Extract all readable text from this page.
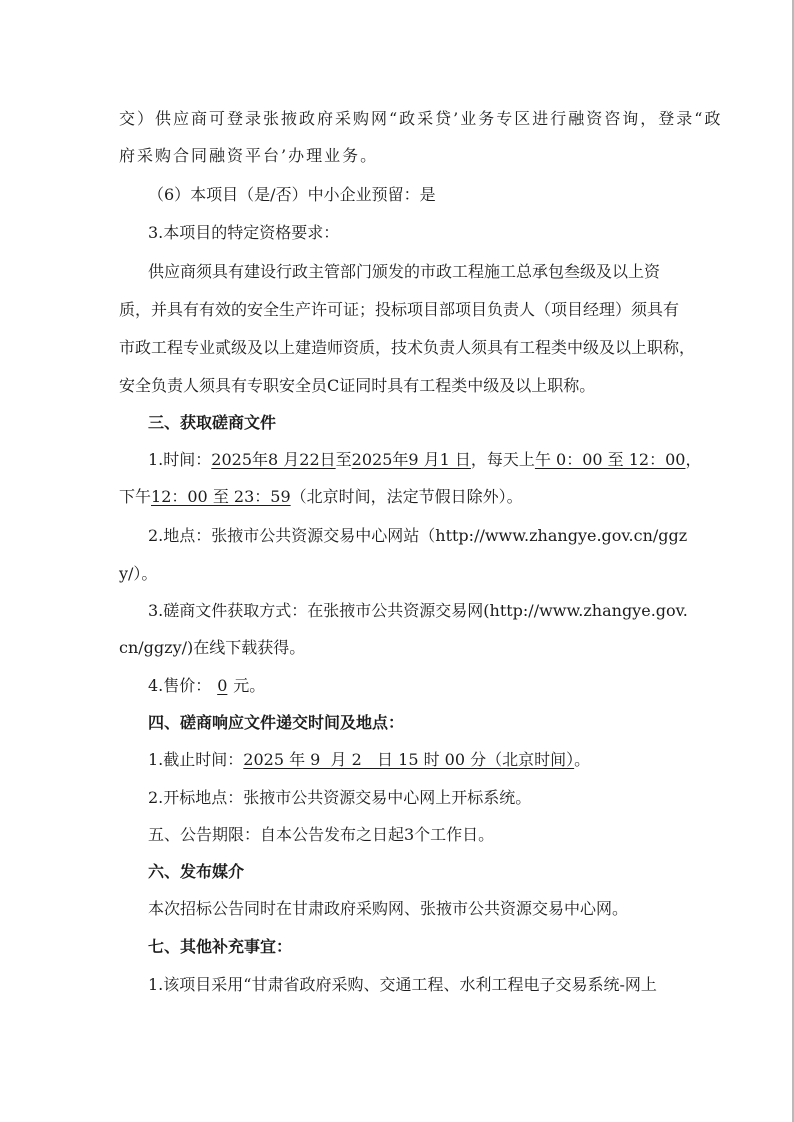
交）供应商可登录张掖政府采购网“政采贷’业务专区进行融资咨询，登录“政
府采购合同融资平台’办理业务。
（6）本项目（是/否）中小企业预留：是
3.本项目的特定资格要求：
供应商须具有建设行政主管部门颁发的市政工程施工总承包叁级及以上资
质，并具有有效的安全生产许可证；投标项目部项目负责人（项目经理）须具有
市政工程专业贰级及以上建造师资质，技术负责人须具有工程类中级及以上职称，
安全负责人须具有专职安全员C证同时具有工程类中级及以上职称。
三、获取磋商文件
1.时间：2025年8 月22日至2025年9 月1 日，每天上午 0：00 至 12：00，
下午12：00 至 23：59（北京时间，法定节假日除外）。
2.地点：张掖市公共资源交易中心网站（http://www.zhangye.gov.cn/ggz
y/）。
3.磋商文件获取方式：在张掖市公共资源交易网(http://www.zhangye.gov.
cn/ggzy/)在线下载获得。
4.售价： 0 元。
四、磋商响应文件递交时间及地点：
1.截止时间：2025 年 9  月 2   日 15 时 00 分（北京时间）。
2.开标地点：张掖市公共资源交易中心网上开标系统。
五、公告期限：自本公告发布之日起3个工作日。
六、发布媒介
本次招标公告同时在甘肃政府采购网、张掖市公共资源交易中心网。
七、其他补充事宜：
1.该项目采用“甘肃省政府采购、交通工程、水利工程电子交易系统-网上
